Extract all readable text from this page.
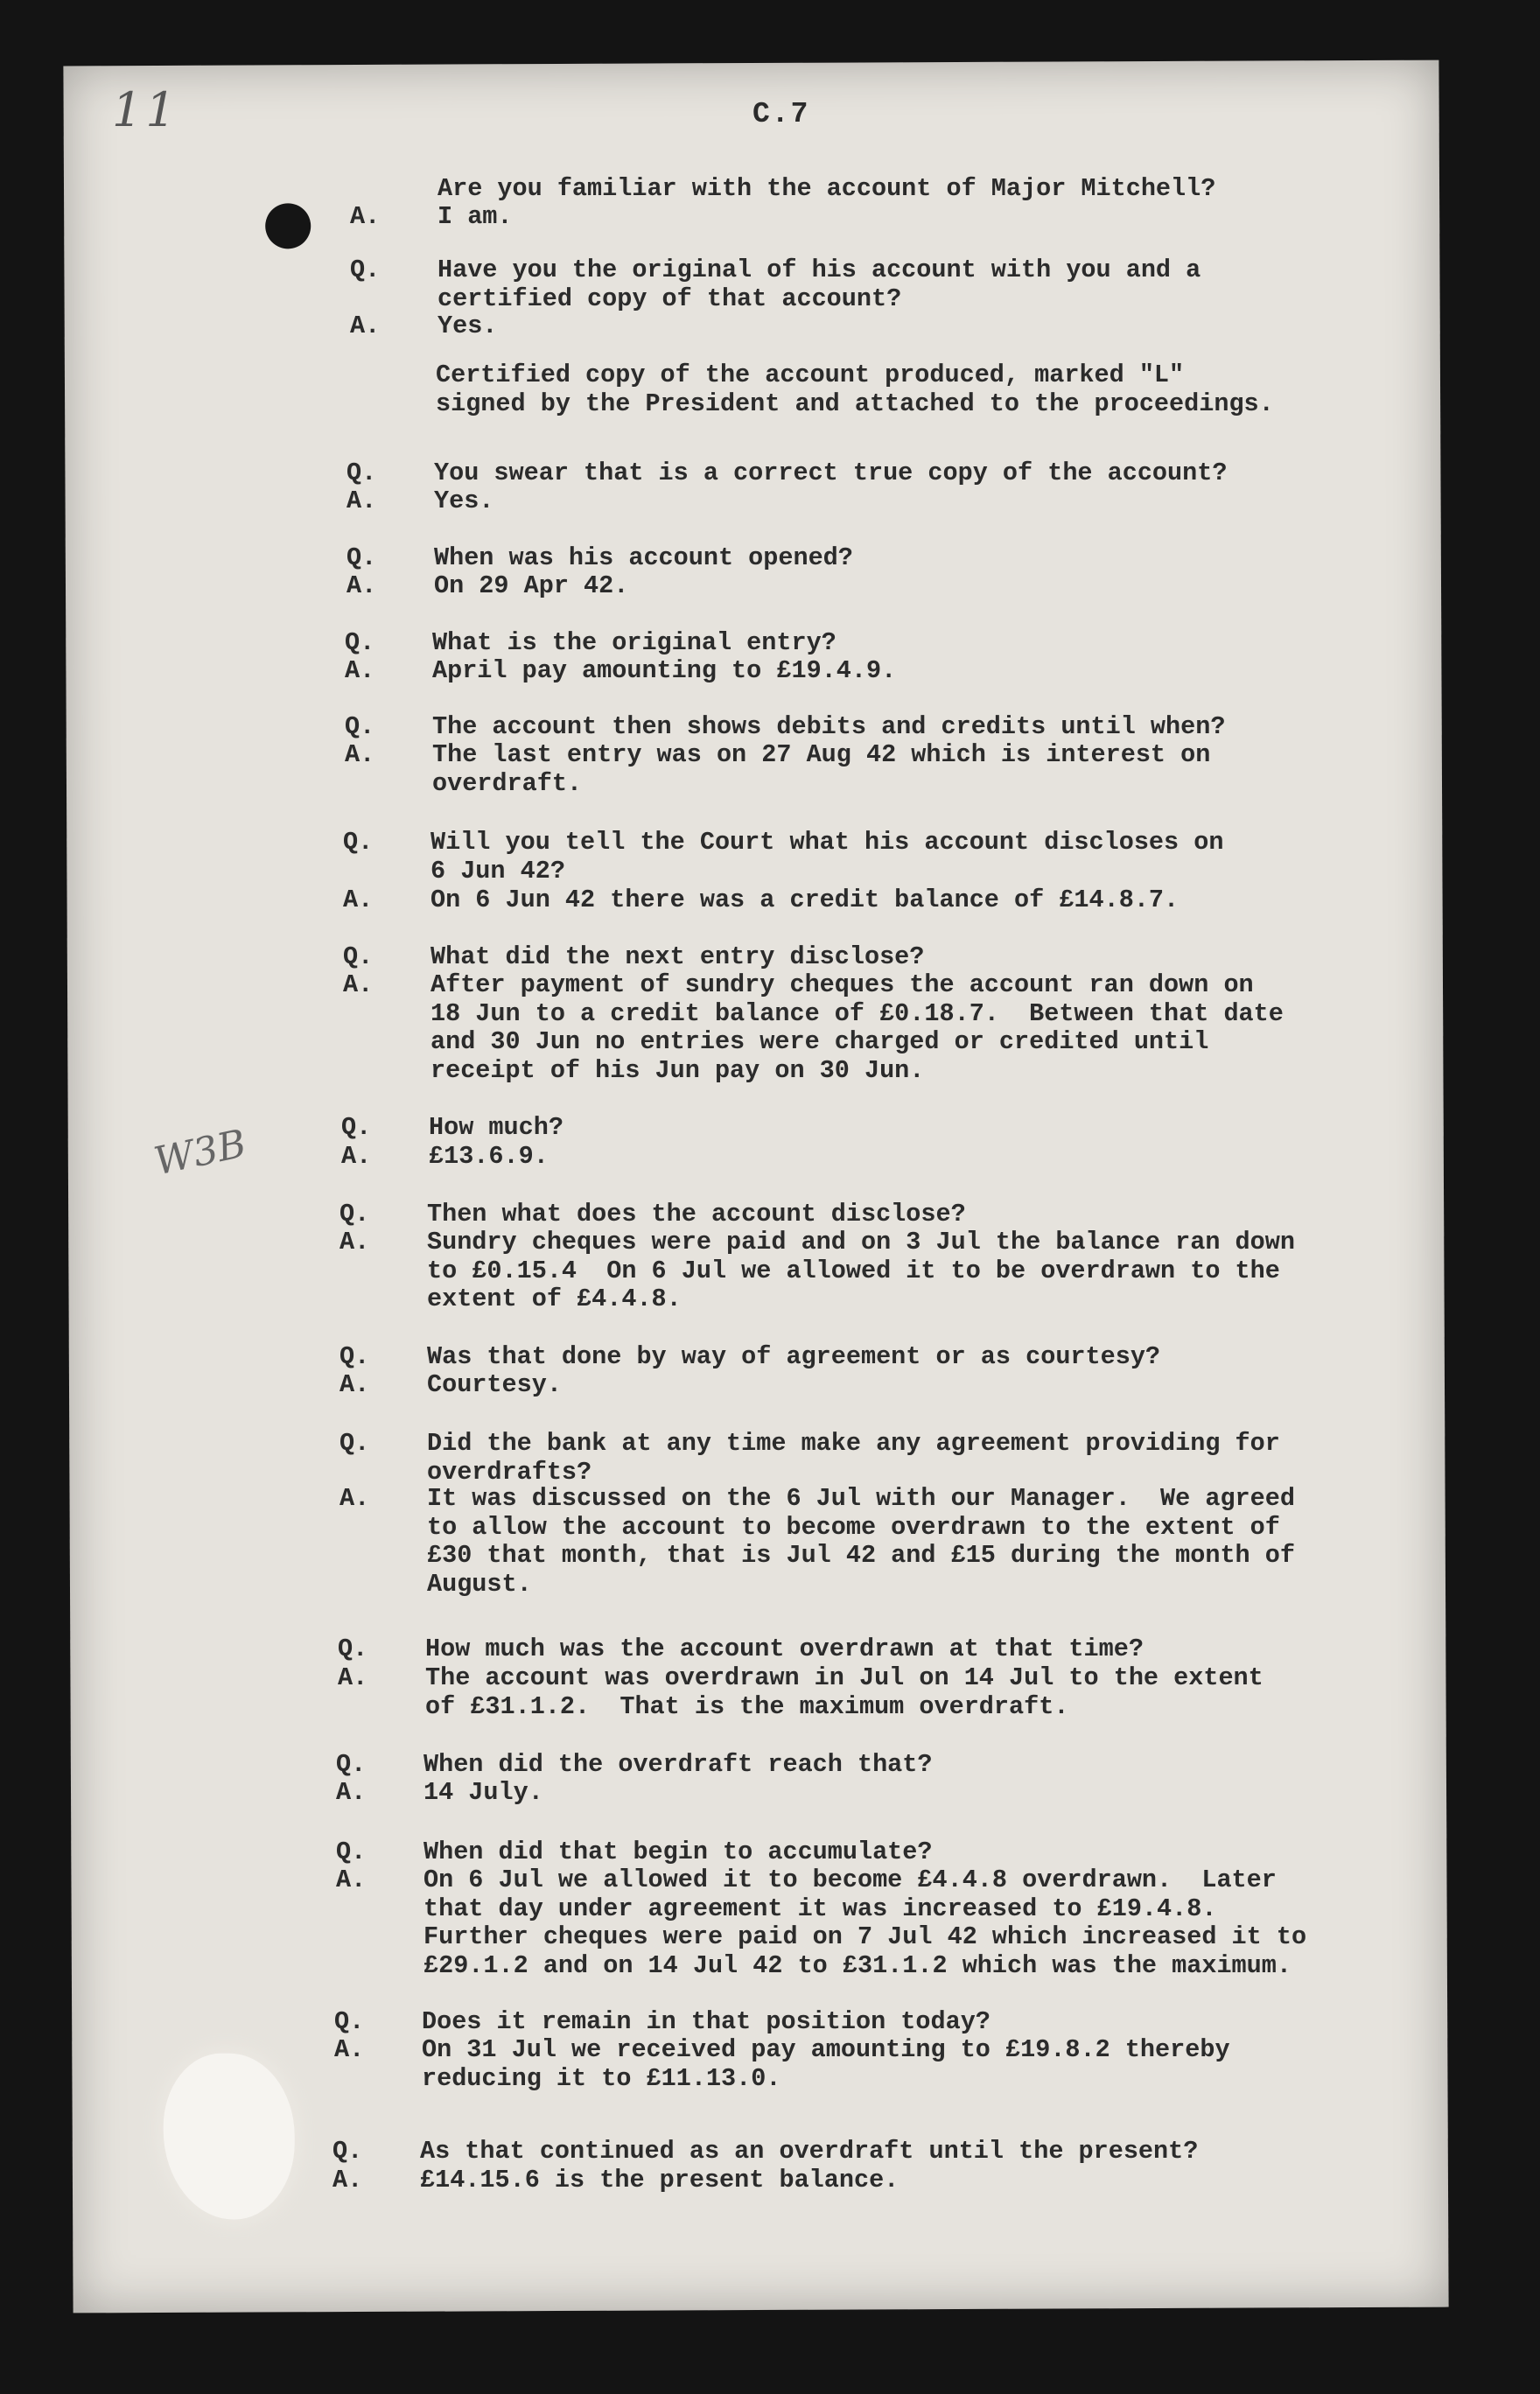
11	C.7
W3B
Certified copy of the account produced, marked "L"
signed by the President and attached to the proceedings.
Are you familiar with the account of Major Mitchell?
A. I am.
Q. Have you the original of his account with you and a
certified copy of that account?
A. Yes.
Q. You swear that is a correct true copy of the account?
A. Yes.
Q. When was his account opened?
A. On 29 Apr 42.
Q. What is the original entry?
A. April pay amounting to £19.4.9.
Q. The account then shows debits and credits until when?
A. The last entry was on 27 Aug 42 which is interest on
overdraft.
Q. Will you tell the Court what his account discloses on
6 Jun 42?
A. On 6 Jun 42 there was a credit balance of £14.8.7.
Q. What did the next entry disclose?
A. After payment of sundry cheques the account ran down on
18 Jun to a credit balance of £0.18.7.  Between that date
and 30 Jun no entries were charged or credited until
receipt of his Jun pay on 30 Jun.
Q. How much?
A. £13.6.9.
Q. Then what does the account disclose?
A. Sundry cheques were paid and on 3 Jul the balance ran down
to £0.15.4  On 6 Jul we allowed it to be overdrawn to the
extent of £4.4.8.
Q. Was that done by way of agreement or as courtesy?
A. Courtesy.
Q. Did the bank at any time make any agreement providing for
overdrafts?
A. It was discussed on the 6 Jul with our Manager.  We agreed
to allow the account to become overdrawn to the extent of
£30 that month, that is Jul 42 and £15 during the month of
August.
Q. How much was the account overdrawn at that time?
A. The account was overdrawn in Jul on 14 Jul to the extent
of £31.1.2.  That is the maximum overdraft.
Q. When did the overdraft reach that?
A. 14 July.
Q. When did that begin to accumulate?
A. On 6 Jul we allowed it to become £4.4.8 overdrawn.  Later
that day under agreement it was increased to £19.4.8.
Further cheques were paid on 7 Jul 42 which increased it to
£29.1.2 and on 14 Jul 42 to £31.1.2 which was the maximum.
Q. Does it remain in that position today?
A. On 31 Jul we received pay amounting to £19.8.2 thereby
reducing it to £11.13.0.
Q. As that continued as an overdraft until the present?
A. £14.15.6 is the present balance.
